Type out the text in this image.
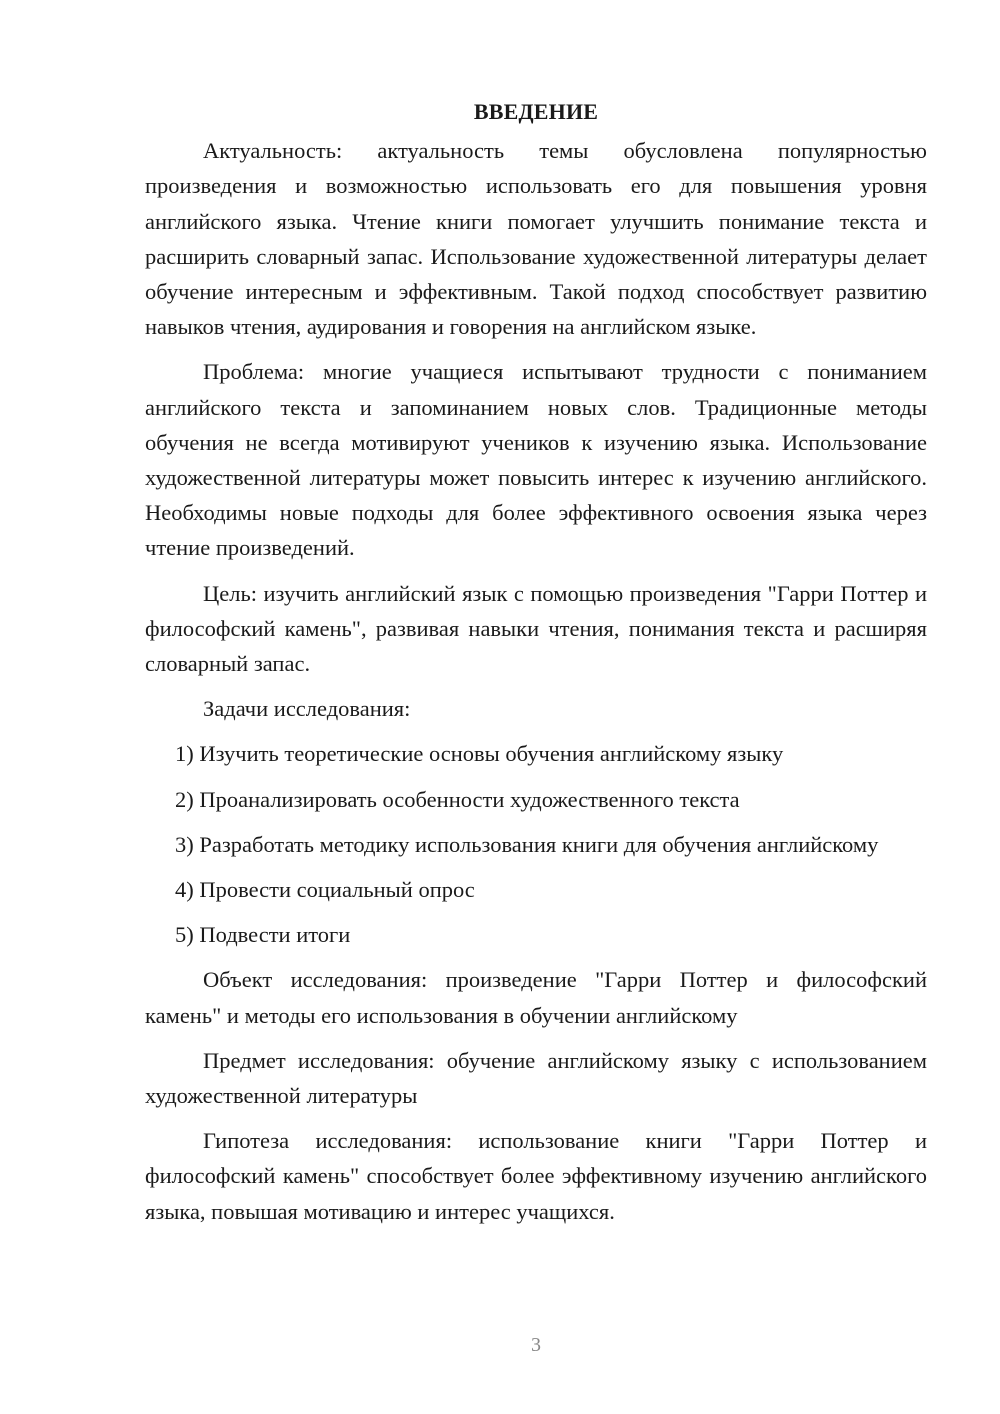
ВВЕДЕНИЕ
Актуальность: актуальность темы обусловлена популярностью произведения и возможностью использовать его для повышения уровня английского языка. Чтение книги помогает улучшить понимание текста и расширить словарный запас. Использование художественной литературы делает обучение интересным и эффективным. Такой подход способствует развитию навыков чтения, аудирования и говорения на английском языке.
Проблема: многие учащиеся испытывают трудности с пониманием английского текста и запоминанием новых слов. Традиционные методы обучения не всегда мотивируют учеников к изучению языка. Использование художественной литературы может повысить интерес к изучению английского. Необходимы новые подходы для более эффективного освоения языка через чтение произведений.
Цель: изучить английский язык с помощью произведения "Гарри Поттер и философский камень", развивая навыки чтения, понимания текста и расширяя словарный запас.
Задачи исследования:
1) Изучить теоретические основы обучения английскому языку
2) Проанализировать особенности художественного текста
3) Разработать методику использования книги для обучения английскому
4) Провести социальный опрос
5) Подвести итоги
Объект исследования: произведение "Гарри Поттер и философский камень" и методы его использования в обучении английскому
Предмет исследования: обучение английскому языку с использованием художественной литературы
Гипотеза исследования: использование книги "Гарри Поттер и философский камень" способствует более эффективному изучению английского языка, повышая мотивацию и интерес учащихся.
3
